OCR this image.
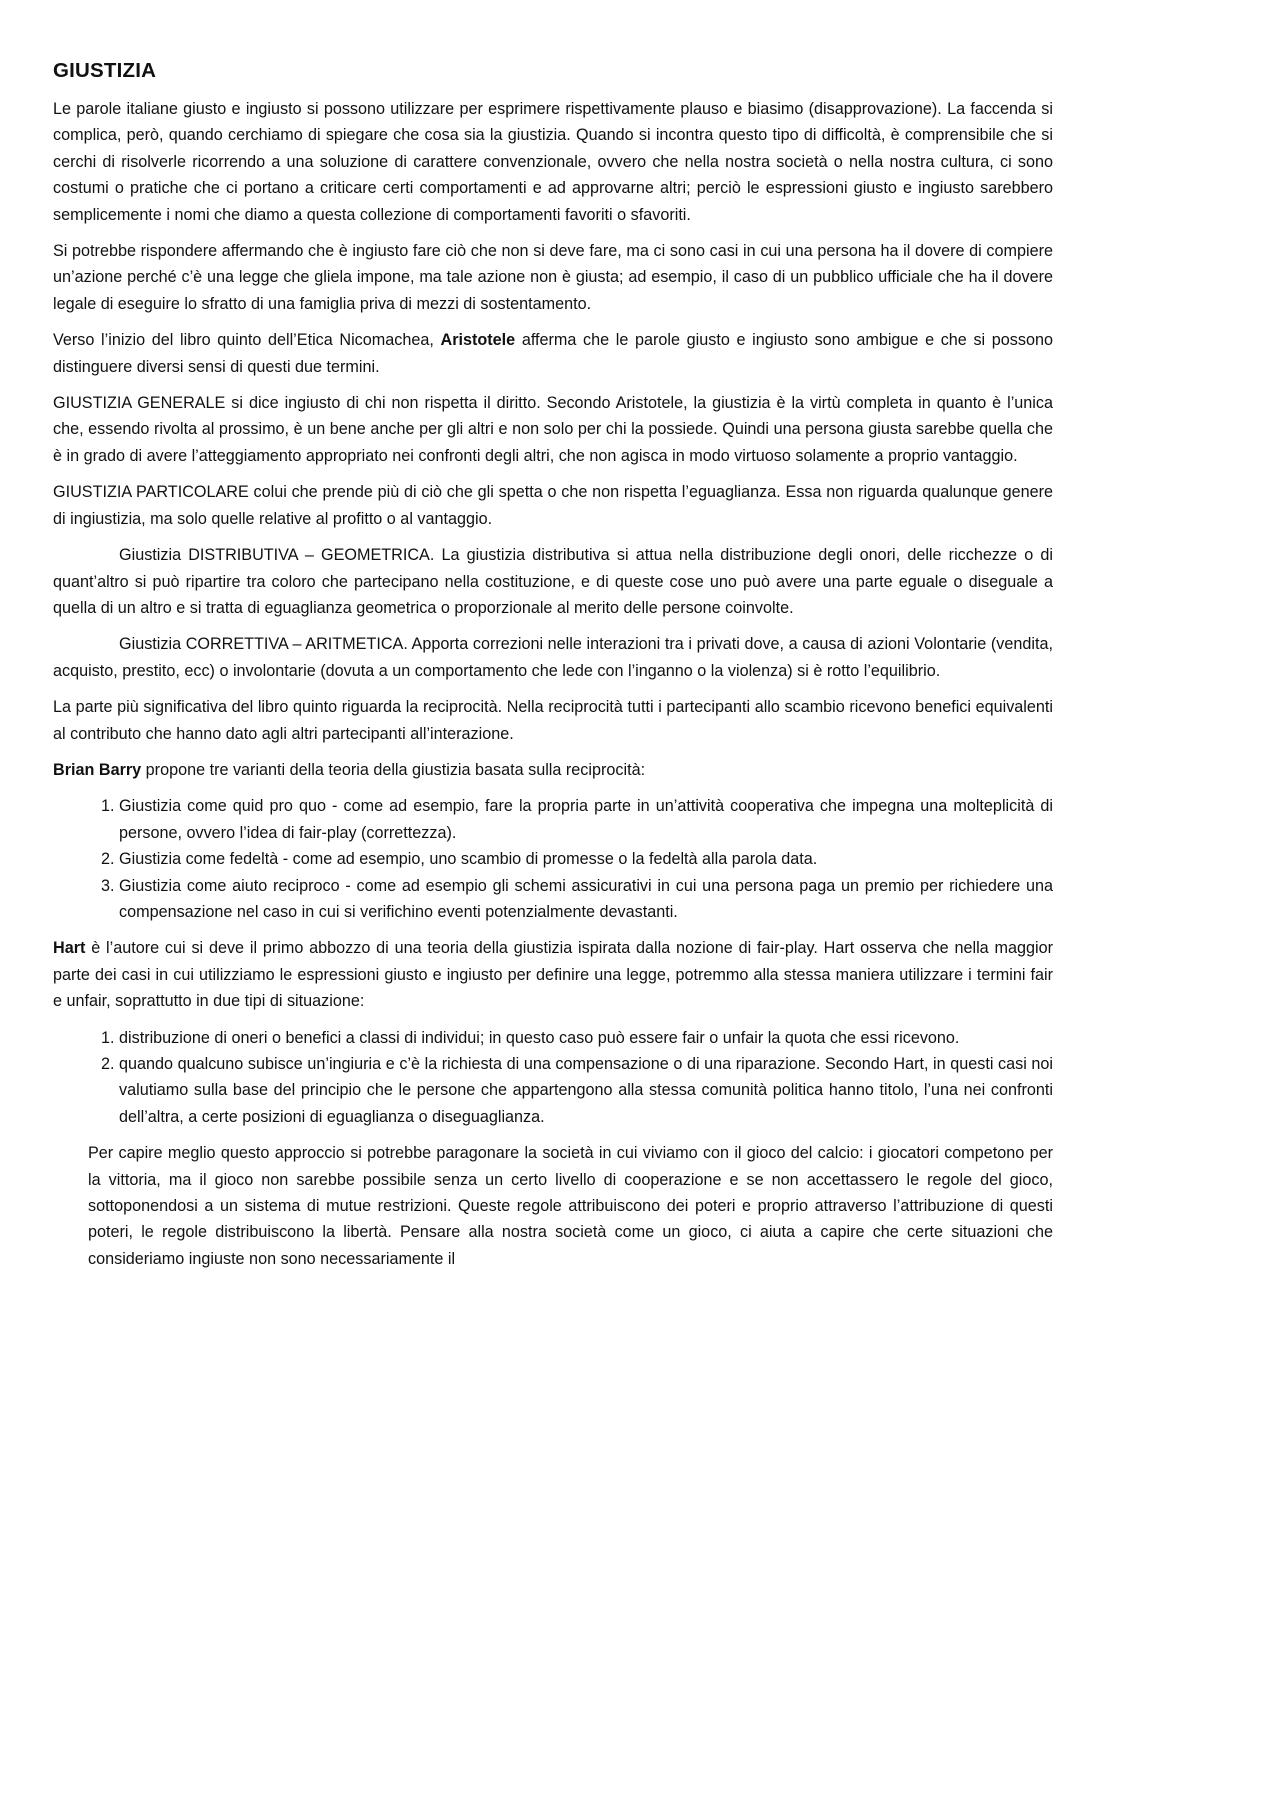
GIUSTIZIA

Le parole italiane giusto e ingiusto si possono utilizzare per esprimere rispettivamente plauso e biasimo (disapprovazione). La faccenda si complica, però, quando cerchiamo di spiegare che cosa sia la giustizia. Quando si incontra questo tipo di difficoltà, è comprensibile che si cerchi di risolverle ricorrendo a una soluzione di carattere convenzionale, ovvero che nella nostra società o nella nostra cultura, ci sono costumi o pratiche che ci portano a criticare certi comportamenti e ad approvarne altri; perciò le espressioni giusto e ingiusto sarebbero semplicemente i nomi che diamo a questa collezione di comportamenti favoriti o sfavoriti.

Si potrebbe rispondere affermando che è ingiusto fare ciò che non si deve fare, ma ci sono casi in cui una persona ha il dovere di compiere un’azione perché c’è una legge che gliela impone, ma tale azione non è giusta; ad esempio, il caso di un pubblico ufficiale che ha il dovere legale di eseguire lo sfratto di una famiglia priva di mezzi di sostentamento.

Verso l’inizio del libro quinto dell’Etica Nicomachea, Aristotele afferma che le parole giusto e ingiusto sono ambigue e che si possono distinguere diversi sensi di questi due termini.

GIUSTIZIA GENERALE si dice ingiusto di chi non rispetta il diritto. Secondo Aristotele, la giustizia è la virtù completa in quanto è l’unica che, essendo rivolta al prossimo, è un bene anche per gli altri e non solo per chi la possiede. Quindi una persona giusta sarebbe quella che è in grado di avere l’atteggiamento appropriato nei confronti degli altri, che non agisca in modo virtuoso solamente a proprio vantaggio.

GIUSTIZIA PARTICOLARE colui che prende più di ciò che gli spetta o che non rispetta l’eguaglianza. Essa non riguarda qualunque genere di ingiustizia, ma solo quelle relative al profitto o al vantaggio.

Giustizia DISTRIBUTIVA – GEOMETRICA. La giustizia distributiva si attua nella distribuzione degli onori, delle ricchezze o di quant’altro si può ripartire tra coloro che partecipano nella costituzione, e di queste cose uno può avere una parte eguale o diseguale a quella di un altro e si tratta di eguaglianza geometrica o proporzionale al merito delle persone coinvolte.

Giustizia CORRETTIVA – ARITMETICA. Apporta correzioni nelle interazioni tra i privati dove, a causa di azioni Volontarie (vendita, acquisto, prestito, ecc) o involontarie (dovuta a un comportamento che lede con l’inganno o la violenza) si è rotto l’equilibrio.

La parte più significativa del libro quinto riguarda la reciprocità. Nella reciprocità tutti i partecipanti allo scambio ricevono benefici equivalenti al contributo che hanno dato agli altri partecipanti all’interazione.

Brian Barry propone tre varianti della teoria della giustizia basata sulla reciprocità:

1. Giustizia come quid pro quo - come ad esempio, fare la propria parte in un’attività cooperativa che impegna una molteplicità di persone, ovvero l’idea di fair-play (correttezza).
2. Giustizia come fedeltà - come ad esempio, uno scambio di promesse o la fedeltà alla parola data.
3. Giustizia come aiuto reciproco - come ad esempio gli schemi assicurativi in cui una persona paga un premio per richiedere una compensazione nel caso in cui si verifichino eventi potenzialmente devastanti.

Hart è l’autore cui si deve il primo abbozzo di una teoria della giustizia ispirata dalla nozione di fair-play. Hart osserva che nella maggior parte dei casi in cui utilizziamo le espressioni giusto e ingiusto per definire una legge, potremmo alla stessa maniera utilizzare i termini fair e unfair, soprattutto in due tipi di situazione:

1. distribuzione di oneri o benefici a classi di individui; in questo caso può essere fair o unfair la quota che essi ricevono.
2. quando qualcuno subisce un’ingiuria e c’è la richiesta di una compensazione o di una riparazione. Secondo Hart, in questi casi noi valutiamo sulla base del principio che le persone che appartengono alla stessa comunità politica hanno titolo, l’una nei confronti dell’altra, a certe posizioni di eguaglianza o diseguaglianza.

Per capire meglio questo approccio si potrebbe paragonare la società in cui viviamo con il gioco del calcio: i giocatori competono per la vittoria, ma il gioco non sarebbe possibile senza un certo livello di cooperazione e se non accettassero le regole del gioco, sottoponendosi a un sistema di mutue restrizioni. Queste regole attribuiscono dei poteri e proprio attraverso l’attribuzione di questi poteri, le regole distribuiscono la libertà. Pensare alla nostra società come un gioco, ci aiuta a capire che certe situazioni che consideriamo ingiuste non sono necessariamente il
